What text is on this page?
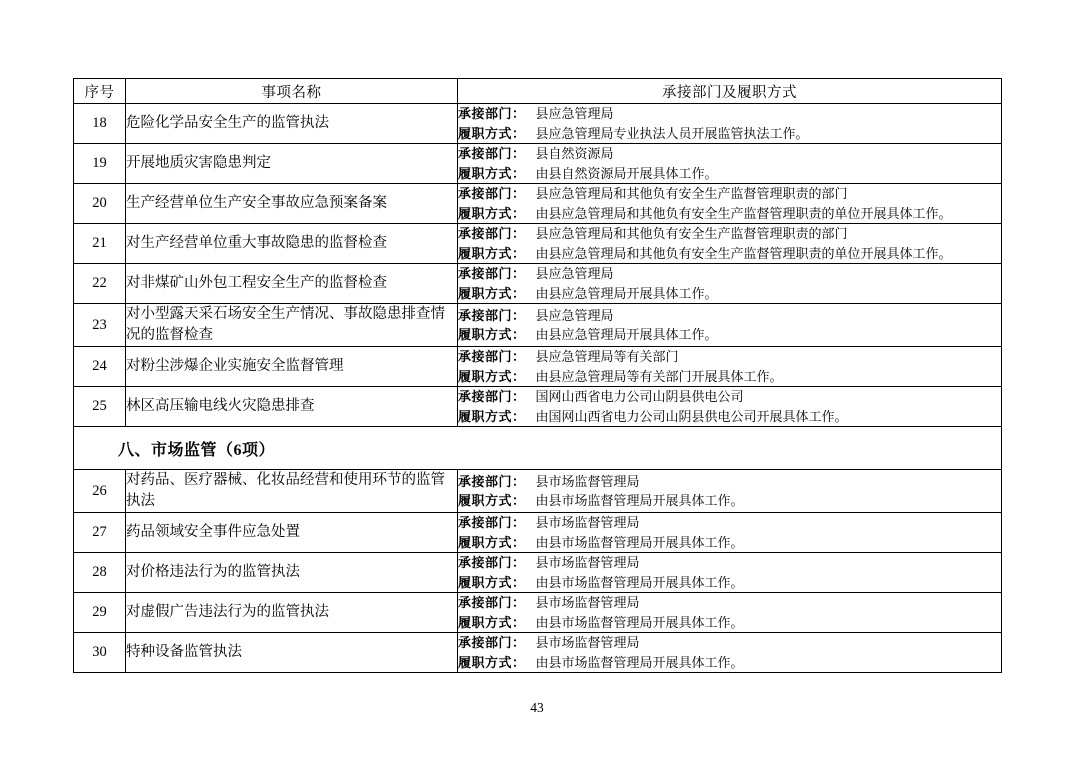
序号	事项名称	承接部门及履职方式
18	危险化学品安全生产的监管执法	承接部门： 县应急管理局
履职方式： 县应急管理局专业执法人员开展监管执法工作。

19	开展地质灾害隐患判定	承接部门： 县自然资源局
履职方式： 由县自然资源局开展具体工作。

20	生产经营单位生产安全事故应急预案备案	承接部门： 县应急管理局和其他负有安全生产监督管理职责的部门
履职方式： 由县应急管理局和其他负有安全生产监督管理职责的单位开展具体工作。

21	对生产经营单位重大事故隐患的监督检查	承接部门： 县应急管理局和其他负有安全生产监督管理职责的部门
履职方式： 由县应急管理局和其他负有安全生产监督管理职责的单位开展具体工作。

22	对非煤矿山外包工程安全生产的监督检查	承接部门： 县应急管理局
履职方式： 由县应急管理局开展具体工作。

23	对小型露天采石场安全生产情况、事故隐患排查情况的监督检查	承接部门： 县应急管理局
履职方式： 由县应急管理局开展具体工作。

24	对粉尘涉爆企业实施安全监督管理	承接部门： 县应急管理局等有关部门
履职方式： 由县应急管理局等有关部门开展具体工作。

25	林区高压输电线火灾隐患排查	承接部门： 国网山西省电力公司山阴县供电公司
履职方式： 由国网山西省电力公司山阴县供电公司开展具体工作。

八、市场监管（6项）		
26	对药品、医疗器械、化妆品经营和使用环节的监管执法	承接部门： 县市场监督管理局
履职方式： 由县市场监督管理局开展具体工作。

27	药品领域安全事件应急处置	承接部门： 县市场监督管理局
履职方式： 由县市场监督管理局开展具体工作。

28	对价格违法行为的监管执法	承接部门： 县市场监督管理局
履职方式： 由县市场监督管理局开展具体工作。

29	对虚假广告违法行为的监管执法	承接部门： 县市场监督管理局
履职方式： 由县市场监督管理局开展具体工作。

30	特种设备监管执法	承接部门： 县市场监督管理局
履职方式： 由县市场监督管理局开展具体工作。
43
